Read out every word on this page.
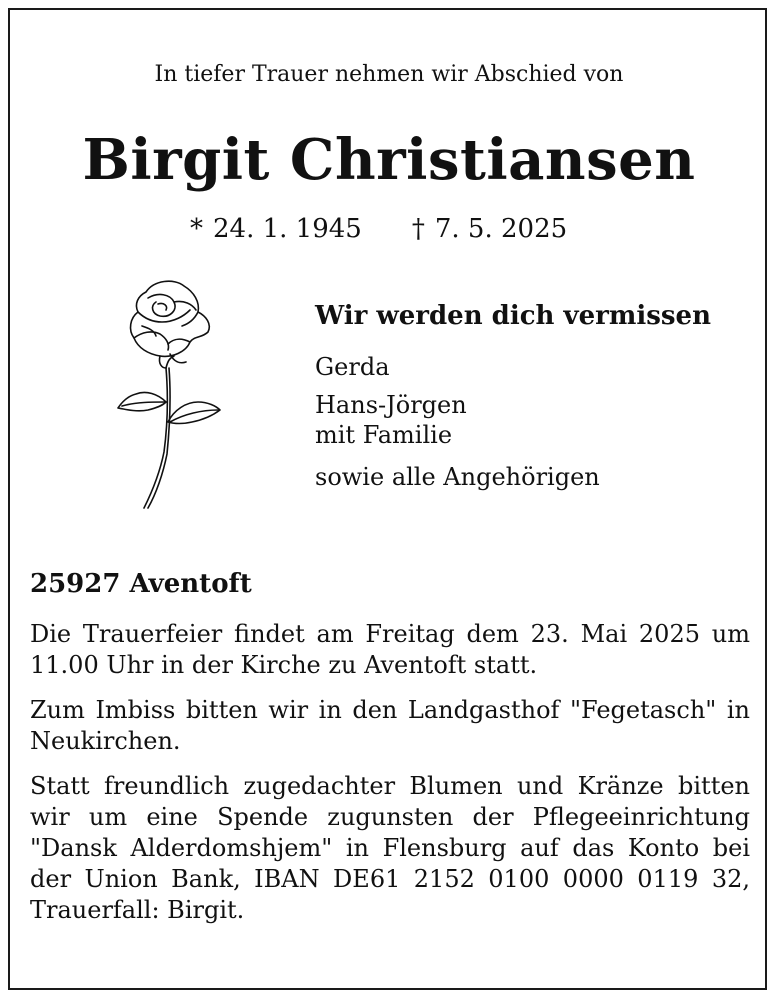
In tiefer Trauer nehmen wir Abschied von
Birgit Christiansen
* 24. 1. 1945 † 7. 5. 2025
Wir werden dich vermissen
Gerda
Hans-Jörgen
mit Familie
sowie alle Angehörigen
25927 Aventoft
Die Trauerfeier findet am Freitag dem 23. Mai 2025 um 11.00 Uhr in der Kirche zu Aventoft statt.
Zum Imbiss bitten wir in den Landgasthof "Fegetasch" in Neukirchen.
Statt freundlich zugedachter Blumen und Kränze bitten wir um eine Spende zugunsten der Pflegeeinrichtung "Dansk Alderdomshjem" in Flensburg auf das Konto bei der Union Bank, IBAN DE61 2152 0100 0000 0119 32, Trauerfall: Birgit.
